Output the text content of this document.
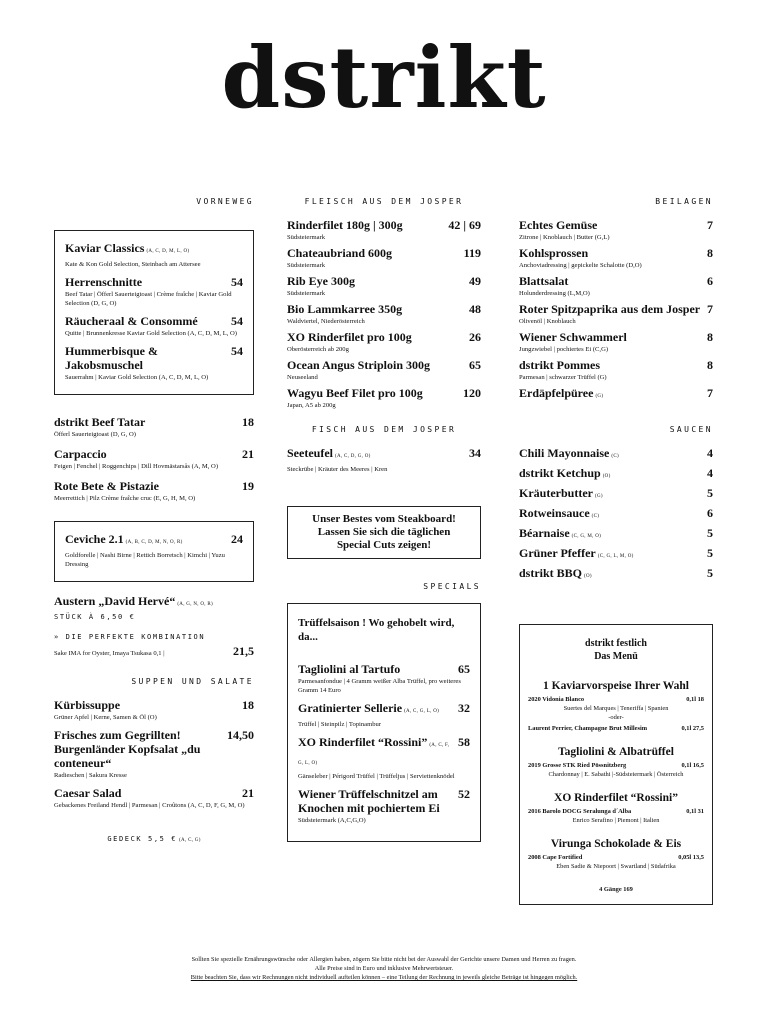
dstrikt
VORNEWEG
Kaviar Classics (A, C, D, M, L, O)
Kate & Kon Gold Selection, Steinbach am Attersee
Herrenschnitte	54
Beef Tatar | Öfferl Sauerteigtoast | Crème fraîche | Kaviar Gold Selection (D, G, O)
Räucheraal & Consommé	54
Quitte | Brunnenkresse Kaviar Gold Selection (A, C, D, M, L, O)
Hummerbisque & Jakobsmuschel
54
Sauerrahm | Kaviar Gold Selection (A, C, D, M, L, O)
dstrikt Beef Tatar	18
Öfferl Sauerteigtoast (D, G, O)
Carpaccio	21
Feigen | Fenchel | Roggenchips | Dill Hovmästarsås (A, M, O)
Rote Bete & Pistazie	19
Meerrettich | Pilz Crème fraîche cruc (E, G, H, M, O)
Ceviche 2.1 (A, B, C, D, M, N, O, R)	24
Goldforelle | Nashi Birne | Rettich Borretsch | Kimchi | Yuzu Dressing
Austern „David Hervé“ (A, G, N, O, R)
STÜCK À 6,50 €
» DIE PERFEKTE KOMBINATION
Sake IMA for Oyster, Imaya Tsukasa 0,1 |	21,5
SUPPEN UND SALATE
Kürbissuppe	18
Grüner Apfel | Kerne, Samen & Öl (O)
Frisches zum Gegrillten! Burgenländer Kopfsalat „du conteneur“
14,50
Radieschen | Sakura Kresse
Caesar Salad	21
Gebackenes Freiland Hendl | Parmesan | Croûtons (A, C, D, F, G, M, O)
GEDECK 5,5 € (A, C, G)
FLEISCH AUS DEM JOSPER
Rinderfilet 180g | 300g	42 | 69
Südsteiermark
Chateaubriand 600g	119
Südsteiermark
Rib Eye 300g	49
Südsteiermark
Bio Lammkarree 350g	48
Waldviertel, Niederösterreich
XO Rinderfilet pro 100g	26
Oberösterreich ab 200g
Ocean Angus Striploin 300g	65
Neuseeland
Wagyu Beef Filet pro 100g	120
Japan, A5 ab 200g
FISCH AUS DEM JOSPER
Seeteufel (A, C, D, G, O)	34
Steckrübe | Kräuter des Meeres | Kren
Unser Bestes vom Steakboard! Lassen Sie sich die täglichen Special Cuts zeigen!
SPECIALS
Trüffelsaison ! Wo gehobelt wird, da...
Tagliolini al Tartufo	65
Parmesanfondue | 4 Gramm weißer Alba Trüffel, pro weiteres Gramm 14 Euro
Gratinierter Sellerie (A, C, G, L, O) 32
Trüffel | Steinpilz | Topinambur
XO Rinderfilet “Rossini” (A, C, F, G, L, O)
58
Gänseleber | Périgord Trüffel | Trüffeljus | Serviettenknödel
Wiener Trüffelschnitzel am Knochen mit pochiertem Ei
52
Südsteiermark (A,C,G,O)
BEILAGEN
Echtes Gemüse	7
Zitrone | Knoblauch | Butter (G,L)
Kohlsprossen	8
Anchoviadressing | gepickelte Schalotte (D,O)
Blattsalat	6
Holunderdressing (L,M,O)
Roter Spitzpaprika aus dem Josper 7
Olivenöl | Knoblauch
Wiener Schwammerl	8
Jungzwiebel | pochiertes Ei (C,G)
dstrikt Pommes	8
Parmesan | schwarzer Trüffel (G)
Erdäpfelpüree (G)	7
SAUCEN
Chili Mayonnaise (C)	4
dstrikt Ketchup (O)	4
Kräuterbutter (G)	5
Rotweinsauce (C)	6
Béarnaise (C, G, M, O)	5
Grüner Pfeffer (C, G, L, M, O)	5
dstrikt BBQ (O)	5
dstrikt festlich
Das Menü
1 Kaviarvorspeise Ihrer Wahl
2020 Vidonia Blanco	0,1l 18
Suertes del Marques | Teneriffa | Spanien
-oder-
Laurent Perrier, Champagne Brut Millesim	0,1l 27,5
Tagliolini & Albatrüffel
2019 Grosse STK Ried Pössnitzberg	0,1l 16,5
Chardonnay | E. Sabathi |-Südsteiermark | Österreich
XO Rinderfilet “Rossini”
2016 Barolo DOCG Seralunga d´Alba	0,1l 31
Enrico Serafino | Piemont | Italien
Virunga Schokolade & Eis
2008 Cape Fortified	0,05l 13,5
Eben Sadie & Niepoort | Swartland | Südafrika
4 Gänge 169
Sollten Sie spezielle Ernährungswünsche oder Allergien haben, zögern Sie bitte nicht bei der Auswahl der Gerichte unsere Damen und Herren zu fragen.
Alle Preise sind in Euro und inklusive Mehrwertsteuer.
Bitte beachten Sie, dass wir Rechnungen nicht individuell aufteilen können – eine Teilung der Rechnung in jeweils gleiche Beträge ist hingegen möglich.
